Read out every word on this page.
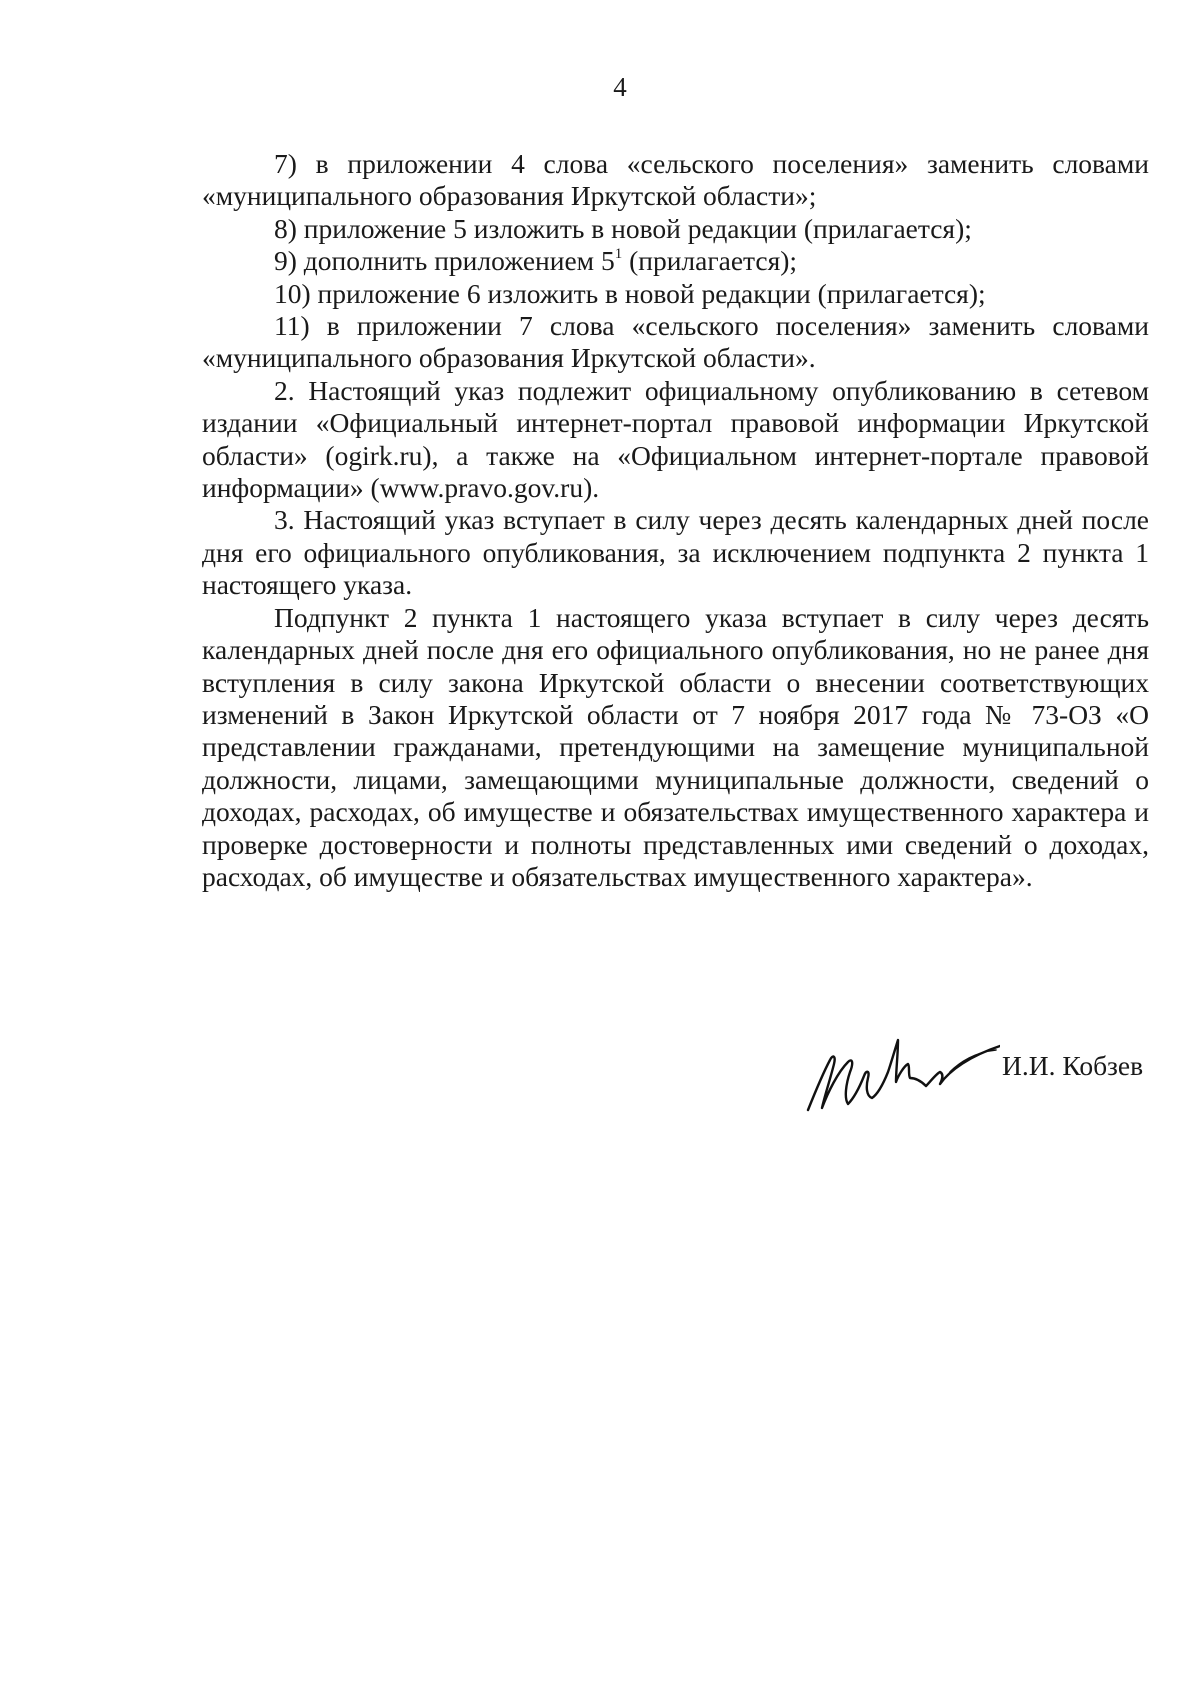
4

7) в приложении 4 слова «сельского поселения» заменить словами «муниципального образования Иркутской области»;

8) приложение 5 изложить в новой редакции (прилагается);

9) дополнить приложением $5^1$ (прилагается);

10) приложение 6 изложить в новой редакции (прилагается);

11) в приложении 7 слова «сельского поселения» заменить словами «муниципального образования Иркутской области».

2. Настоящий указ подлежит официальному опубликованию в сетевом издании «Официальный интернет-портал правовой информации Иркутской области» (ogirk.ru), а также на «Официальном интернет-портале правовой информации» (www.pravo.gov.ru).

3. Настоящий указ вступает в силу через десять календарных дней после дня его официального опубликования, за исключением подпункта 2 пункта 1 настоящего указа.

Подпункт 2 пункта 1 настоящего указа вступает в силу через десять календарных дней после дня его официального опубликования, но не ранее дня вступления в силу закона Иркутской области о внесении соответствующих изменений в Закон Иркутской области от 7 ноября 2017 года № 73-ОЗ «О представлении гражданами, претендующими на замещение муниципальной должности, лицами, замещающими муниципальные должности, сведений о доходах, расходах, об имуществе и обязательствах имущественного характера и проверке достоверности и полноты представленных ими сведений о доходах, расходах, об имуществе и обязательствах имущественного характера».

И.И. Кобзев
